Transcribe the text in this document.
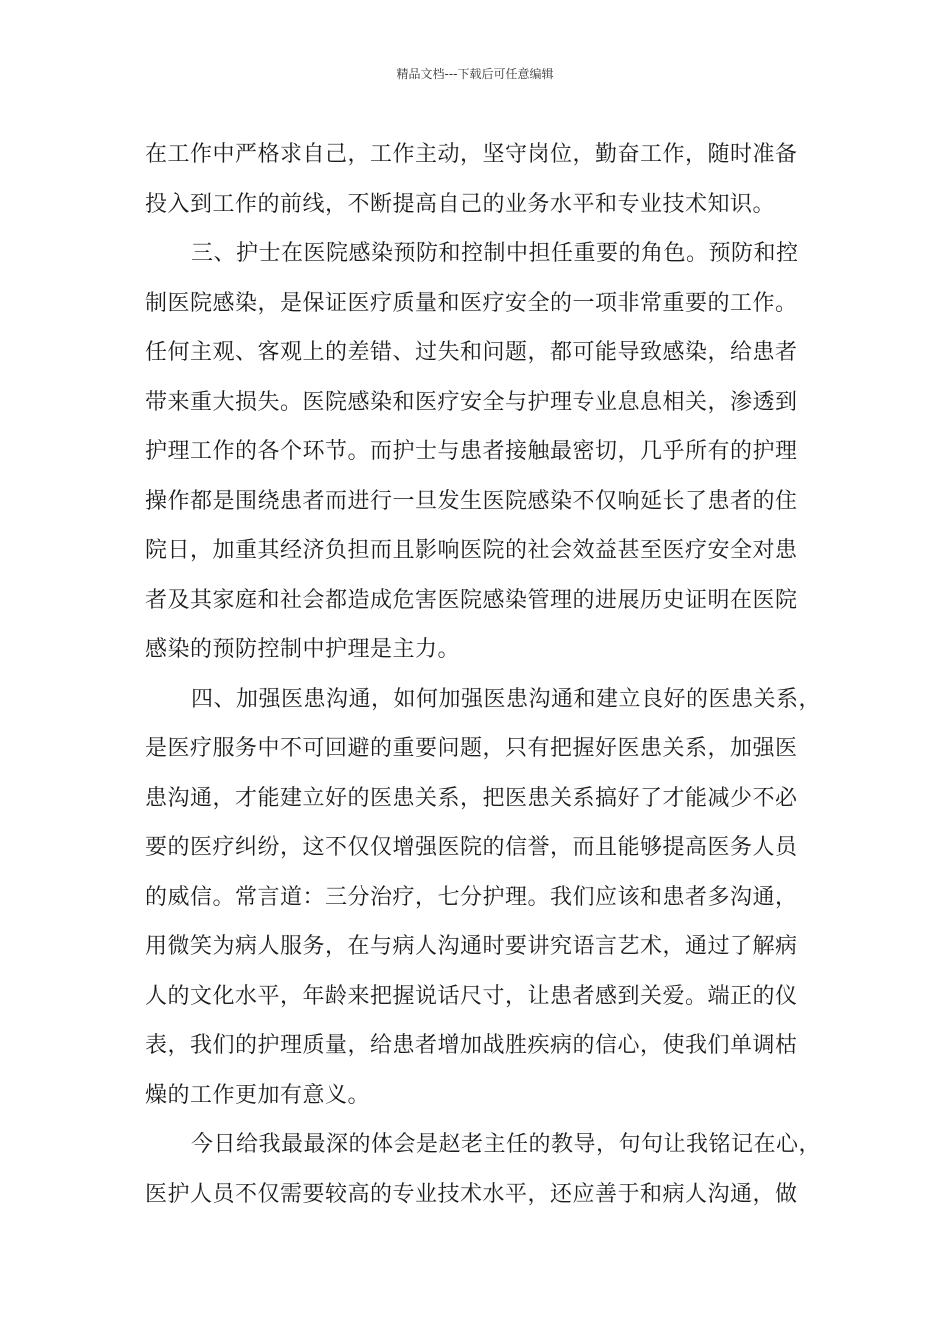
精品文档---下载后可任意编辑
在工作中严格求自己，工作主动，坚守岗位，勤奋工作，随时准备
投入到工作的前线，不断提高自己的业务水平和专业技术知识。
三、护士在医院感染预防和控制中担任重要的角色。预防和控
制医院感染，是保证医疗质量和医疗安全的一项非常重要的工作。
任何主观、客观上的差错、过失和问题，都可能导致感染，给患者
带来重大损失。医院感染和医疗安全与护理专业息息相关，渗透到
护理工作的各个环节。而护士与患者接触最密切，几乎所有的护理
操作都是围绕患者而进行一旦发生医院感染不仅响延长了患者的住
院日，加重其经济负担而且影响医院的社会效益甚至医疗安全对患
者及其家庭和社会都造成危害医院感染管理的进展历史证明在医院
感染的预防控制中护理是主力。
四、加强医患沟通，如何加强医患沟通和建立良好的医患关系，
是医疗服务中不可回避的重要问题，只有把握好医患关系，加强医
患沟通，才能建立好的医患关系，把医患关系搞好了才能减少不必
要的医疗纠纷，这不仅仅增强医院的信誉，而且能够提高医务人员
的威信。常言道：三分治疗，七分护理。我们应该和患者多沟通，
用微笑为病人服务，在与病人沟通时要讲究语言艺术，通过了解病
人的文化水平，年龄来把握说话尺寸，让患者感到关爱。端正的仪
表，我们的护理质量，给患者增加战胜疾病的信心，使我们单调枯
燥的工作更加有意义。
今日给我最最深的体会是赵老主任的教导，句句让我铭记在心，
医护人员不仅需要较高的专业技术水平，还应善于和病人沟通，做
